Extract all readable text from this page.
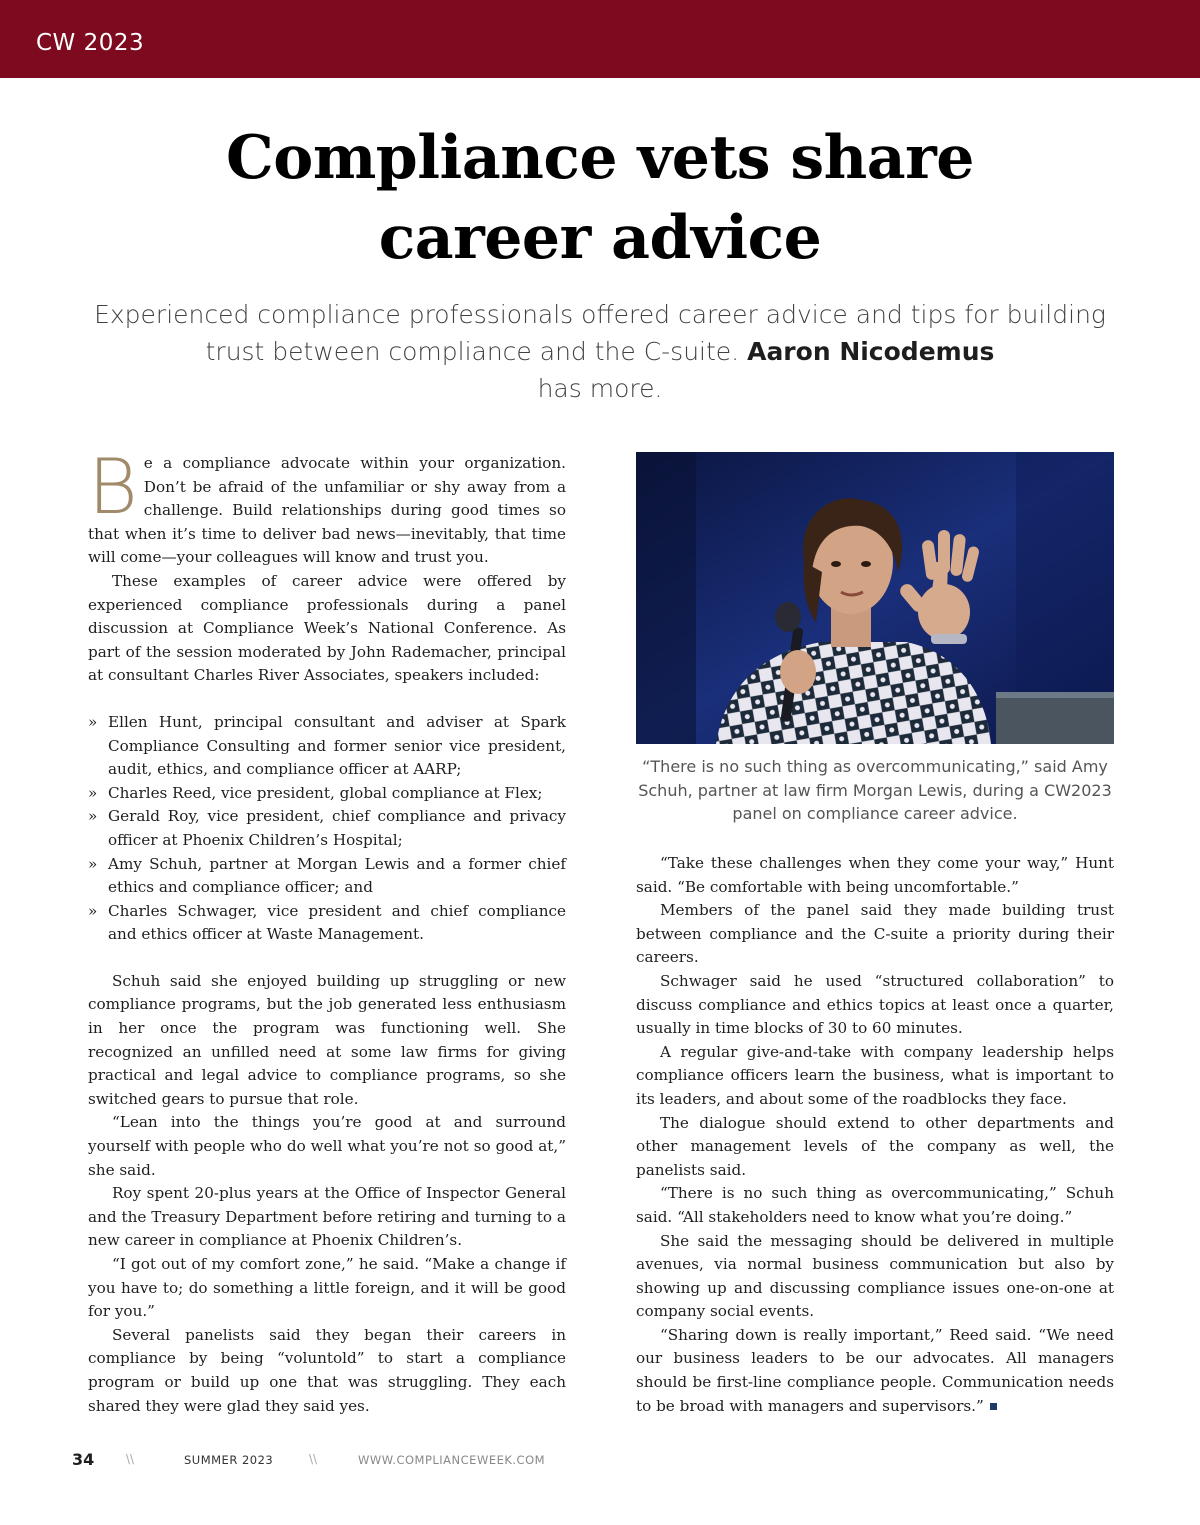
CW 2023
Compliance vets share
career advice
Experienced compliance professionals offered career advice and tips for building trust between compliance and the C-suite. Aaron Nicodemus
has more.

Be a compliance advocate within your organization. Don’t be afraid of the unfamiliar or shy away from a challenge. Build relationships during good times so that when it’s time to deliver bad news—inevitably, that time will come—your colleagues will know and trust you.

These examples of career advice were offered by experienced compliance professionals during a panel discussion at Compliance Week’s National Conference. As part of the session moderated by John Rademacher, principal at consultant Charles River Associates, speakers included:

» Ellen Hunt, principal consultant and adviser at Spark Compliance Consulting and former senior vice president, audit, ethics, and compliance officer at AARP;
» Charles Reed, vice president, global compliance at Flex;
» Gerald Roy, vice president, chief compliance and privacy officer at Phoenix Children’s Hospital;
» Amy Schuh, partner at Morgan Lewis and a former chief ethics and compliance officer; and
» Charles Schwager, vice president and chief compliance and ethics officer at Waste Management.

Schuh said she enjoyed building up struggling or new compliance programs, but the job generated less enthusiasm in her once the program was functioning well. She recognized an unfilled need at some law firms for giving practical and legal advice to compliance programs, so she switched gears to pursue that role.

“Lean into the things you’re good at and surround yourself with people who do well what you’re not so good at,” she said.

Roy spent 20-plus years at the Office of Inspector General and the Treasury Department before retiring and turning to a new career in compliance at Phoenix Children’s.

“I got out of my comfort zone,” he said. “Make a change if you have to; do something a little foreign, and it will be good for you.”

Several panelists said they began their careers in compliance by being “voluntold” to start a compliance program or build up one that was struggling. They each shared they were glad they said yes.

“There is no such thing as overcommunicating,” said Amy Schuh, partner at law firm Morgan Lewis, during a CW2023 panel on compliance career advice.

“Take these challenges when they come your way,” Hunt said. “Be comfortable with being uncomfortable.”

Members of the panel said they made building trust between compliance and the C-suite a priority during their careers.

Schwager said he used “structured collaboration” to discuss compliance and ethics topics at least once a quarter, usually in time blocks of 30 to 60 minutes.

A regular give-and-take with company leadership helps compliance officers learn the business, what is important to its leaders, and about some of the roadblocks they face.

The dialogue should extend to other departments and other management levels of the company as well, the panelists said.

“There is no such thing as overcommunicating,” Schuh said. “All stakeholders need to know what you’re doing.”

She said the messaging should be delivered in multiple avenues, via normal business communication but also by showing up and discussing compliance issues one-on-one at company social events.

“Sharing down is really important,” Reed said. “We need our business leaders to be our advocates. All managers should be first-line compliance people. Communication needs to be broad with managers and supervisors.”

34	\\	SUMMER 2023	\\	WWW.COMPLIANCEWEEK.COM
